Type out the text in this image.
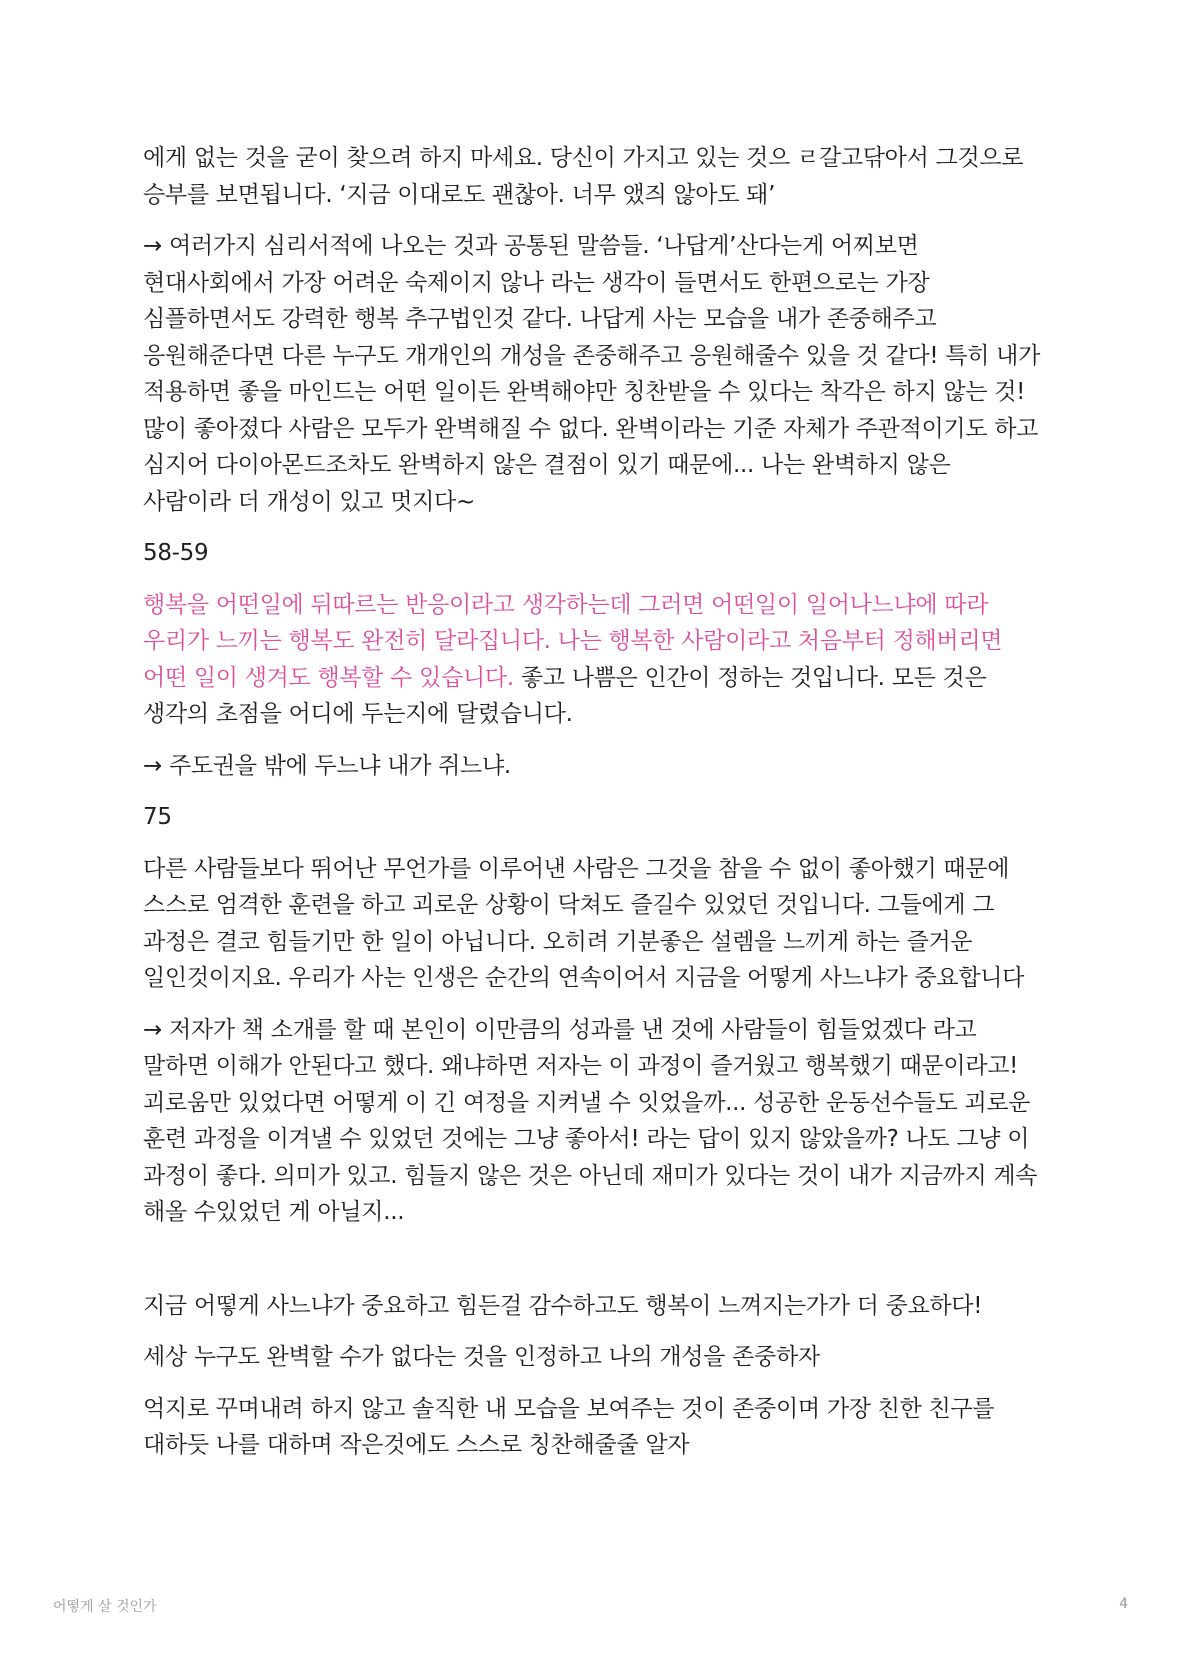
에게 없는 것을 굳이 찾으려 하지 마세요. 당신이 가지고 있는 것으 ㄹ갈고닦아서 그것으로 승부를 보면됩니다. ‘지금 이대로도 괜찮아. 너무 앴즤 않아도 돼’

→ 여러가지 심리서적에 나오는 것과 공통된 말씀들. ‘나답게’산다는게 어찌보면 현대사회에서 가장 어려운 숙제이지 않나 라는 생각이 들면서도 한편으로는 가장 심플하면서도 강력한 행복 추구법인것 같다. 나답게 사는 모습을 내가 존중해주고 응원해준다면 다른 누구도 개개인의 개성을 존중해주고 응원해줄수 있을 것 같다! 특히 내가 적용하면 좋을 마인드는 어떤 일이든 완벽해야만 칭찬받을 수 있다는 착각은 하지 않는 것! 많이 좋아졌다 사람은 모두가 완벽해질 수 없다. 완벽이라는 기준 자체가 주관적이기도 하고 심지어 다이아몬드조차도 완벽하지 않은 결점이 있기 때문에... 나는 완벽하지 않은 사람이라 더 개성이 있고 멋지다~

58-59

행복을 어떤일에 뒤따르는 반응이라고 생각하는데 그러면 어떤일이 일어나느냐에 따라 우리가 느끼는 행복도 완전히 달라집니다. 나는 행복한 사람이라고 처음부터 정해버리면 어떤 일이 생겨도 행복할 수 있습니다. 좋고 나쁨은 인간이 정하는 것입니다. 모든 것은 생각의 초점을 어디에 두는지에 달렸습니다.

→ 주도권을 밖에 두느냐 내가 쥐느냐.

75

다른 사람들보다 뛰어난 무언가를 이루어낸 사람은 그것을 참을 수 없이 좋아했기 때문에 스스로 엄격한 훈련을 하고 괴로운 상황이 닥쳐도 즐길수 있었던 것입니다. 그들에게 그 과정은 결코 힘들기만 한 일이 아닙니다. 오히려 기분좋은 설렘을 느끼게 하는 즐거운 일인것이지요. 우리가 사는 인생은 순간의 연속이어서 지금을 어떻게 사느냐가 중요합니다

→ 저자가 책 소개를 할 때 본인이 이만큼의 성과를 낸 것에 사람들이 힘들었겠다 라고 말하면 이해가 안된다고 했다. 왜냐하면 저자는 이 과정이 즐거웠고 행복했기 때문이라고! 괴로움만 있었다면 어떻게 이 긴 여정을 지켜낼 수 잇었을까... 성공한 운동선수들도 괴로운 훈련 과정을 이겨낼 수 있었던 것에는 그냥 좋아서! 라는 답이 있지 않았을까? 나도 그냥 이 과정이 좋다. 의미가 있고. 힘들지 않은 것은 아닌데 재미가 있다는 것이 내가 지금까지 계속 해올 수있었던 게 아닐지...

지금 어떻게 사느냐가 중요하고 힘든걸 감수하고도 행복이 느껴지는가가 더 중요하다!

세상 누구도 완벽할 수가 없다는 것을 인정하고 나의 개성을 존중하자

억지로 꾸며내려 하지 않고 솔직한 내 모습을 보여주는 것이 존중이며 가장 친한 친구를 대하듯 나를 대하며 작은것에도 스스로 칭찬해줄줄 알자

어떻게 살 것인가	4
